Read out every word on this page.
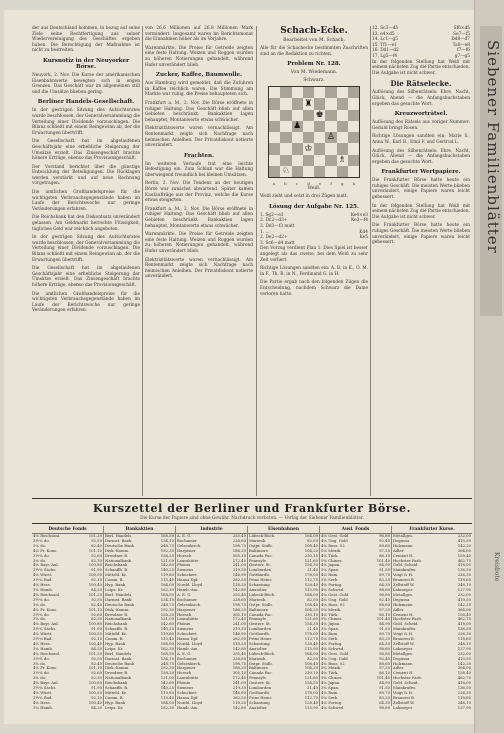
der aus Deutschland kommen, in bezug auf seine Ziele seine Rechtfertigung aus seiner Wiedervereinigung des Geschäftes ergeben haben. Die Berechtigung der Maßnahme ist nicht zu bestreiten.

Kursnotiz in der Neuyorker Börse.

Neuyork, 2. Nov. Die Kurse der amerikanischen Eisenbahnwerte bewegten sich in engen Grenzen. Das Geschäft war im allgemeinen still und die Umsätze blieben gering.

Berliner Handels-Gesellschaft.

In der gestrigen Sitzung des Aufsichtsrates wurde beschlossen, der Generalversammlung die Verteilung einer Dividende vorzuschlagen. Die Bilanz schließt mit einem Reingewinn ab, der die Erwartungen übertrifft.

Die Gesellschaft hat im abgelaufenen Geschäftsjahr eine erhebliche Steigerung der Umsätze erzielt. Das Zinsengeschäft brachte höhere Erträge, ebenso das Provisionsgeschäft.

Der Vorstand berichtet über die günstige Entwicklung der Beteiligungen. Die Rücklagen werden verstärkt und auf neue Rechnung vorgetragen.

Die amtlichen Großhandelspreise für die wichtigsten Verbrauchsgegenstände haben im Laufe der Berichtswoche nur geringe Veränderungen erfahren.

Die Reichsbank hat den Diskontsatz unverändert gelassen. Am Geldmarkt herrschte Flüssigkeit, tägliches Geld war reichlich angeboten.

In der gestrigen Sitzung des Aufsichtsrates wurde beschlossen, der Generalversammlung die Verteilung einer Dividende vorzuschlagen. Die Bilanz schließt mit einem Reingewinn ab, der die Erwartungen übertrifft.

Die Gesellschaft hat im abgelaufenen Geschäftsjahr eine erhebliche Steigerung der Umsätze erzielt. Das Zinsengeschäft brachte höhere Erträge, ebenso das Provisionsgeschäft.

Die amtlichen Großhandelspreise für die wichtigsten Verbrauchsgegenstände haben im Laufe der Berichtswoche nur geringe Veränderungen erfahren.

von 26,6 Millionen auf 26,8 Millionen Mark vermindert. Insgesamt waren im Berichtsmonat die Einnahmen höher als im Vorjahre.

Warenmärkte. Die Preise für Getreide zeigten eine feste Haltung. Weizen und Roggen wurden zu höheren Notierungen gehandelt, während Hafer unverändert blieb.

Zucker, Kaffee, Baumwolle.

Aus Hamburg wird gemeldet, daß die Zufuhren in Kaffee reichlich waren. Die Stimmung am Markte war ruhig, die Preise behaupteten sich.

Frankfurt a. M., 2. Nov. Die Börse eröffnete in ruhiger Haltung. Das Geschäft blieb auf allen Gebieten beschränkt. Bankaktien lagen behauptet, Montanwerte etwas schwächer.

Elektrizitätswerte waren vernachlässigt. Am Rentenmarkt zeigte sich Nachfrage nach heimischen Anleihen. Der Privatdiskont notierte unverändert.

Frachten.

Im weiteren Verlaufe trat eine leichte Befestigung ein. Zum Schluß war die Haltung überwiegend freundlich bei kleinen Umsätzen.

Berlin, 2. Nov. Die Tendenz an der heutigen Börse war zunächst abwartend. Später kamen Kaufaufträge aus der Provinz, welche die Kurse etwas steigerten.

Frankfurt a. M., 2. Nov. Die Börse eröffnete in ruhiger Haltung. Das Geschäft blieb auf allen Gebieten beschränkt. Bankaktien lagen behauptet, Montanwerte etwas schwächer.

Warenmärkte. Die Preise für Getreide zeigten eine feste Haltung. Weizen und Roggen wurden zu höheren Notierungen gehandelt, während Hafer unverändert blieb.

Elektrizitätswerte waren vernachlässigt. Am Rentenmarkt zeigte sich Nachfrage nach heimischen Anleihen. Der Privatdiskont notierte unverändert.

Schach-Ecke.
Bearbeitet von M. Schach.

Alle für die Schachecke bestimmten Zuschriften sind an die Redaktion zu richten.

Problem Nr. 128.
Von M. Wiedemann.
Schwarz.
♜
♚
♟
♙
♔
♗
♘
a b c d e f g h
Weiß.

Weiß zieht und setzt in drei Zügen matt.

Lösung der Aufgabe Nr. 125.
1. Sg2—e3	Ke4×e3
2. Dc2—d3+	Ke3—f4
3. Dd3—f3 matt
1. ...	Kd4
2. De2—d2+	Ke5
3. Sc6—d4 matt

Den Vorzug verdient Plan 1. Dies Spiel ist besser angelegt als das zweite, bei dem Weiß zu sehr Zeit verliert.

Richtige Lösungen sandten ein: A. B. in K., O. M. in F., Th. R. in N., Ferdinand G. in H.

Die Partie ergab nach den folgenden Zügen die Entscheidung, nachdem Schwarz die Dame verloren hatte.

12. Sc3—d5	Sf6×d5
13. e4×d5	Se7—f5
14. Lc1—g5	Dd8—d7
15. Tf1—e1	Ta8—e8
16. Dd1—d2	f7—f6
17. Lg5—f4	g7—g5

In der folgenden Stellung hat Weiß mit seinem nächsten Zug die Partie entschieden. Die Aufgabe ist nicht schwer.

Die Rätselecke.

Auflösung des Silbenrätsels: Ehre, Nacht, Glück, Abend — die Anfangsbuchstaben ergeben das gesuchte Wort.

Kreuzworträtsel.

Auflösung des Rätsels aus voriger Nummer: Geduld bringt Rosen.

Richtige Lösungen sandten ein: Marie S., Anna W., Karl B., Emil F. und Gertrud L.

Auflösung des Silbenrätsels: Ehre, Nacht, Glück, Abend — die Anfangsbuchstaben ergeben das gesuchte Wort.

Frankfurter Wertpapiere.

Die Frankfurter Börse hatte heute ein ruhiges Geschäft. Die meisten Werte blieben unverändert, einige Papiere waren leicht gebessert.

In der folgenden Stellung hat Weiß mit seinem nächsten Zug die Partie entschieden. Die Aufgabe ist nicht schwer.

Die Frankfurter Börse hatte heute ein ruhiges Geschäft. Die meisten Werte blieben unverändert, einige Papiere waren leicht gebessert.

Kurszettel der Berliner und Frankfurter Börse.
Die Kurse der Papiere sind ohne Gewähr. Nachdruck verboten. — Verlag der Siebener Familienblätter.
Deutsche Fonds
4% Reichsanl.	101,20
3½% do.	92,50
3% do.	82,40
4% Pr. Kons.	101,10
3½% do.	92,60
3% do.	82,30
4% Bayr. Anl.	100,80
3½% Sächs.	91,90
4% Württ.	100,50
3½% Bad.	92,10
4% Hess.	100,40
3% Hamb.	84,20
4% Reichsanl.	101,20
3½% do.	92,50
3% do.	82,40
4% Pr. Kons.	101,10
3½% do.	92,60
3% do.	82,30
4% Bayr. Anl.	100,80
3½% Sächs.	91,90
4% Württ.	100,50
3½% Bad.	92,10
4% Hess.	100,40
3% Hamb.	84,20
4% Reichsanl.	101,20
3½% do.	92,50
3% do.	82,40
4% Pr. Kons.	101,10
3½% do.	92,60
3% do.	82,30
4% Bayr. Anl.	100,80
3½% Sächs.	91,90
4% Württ.	100,50
3½% Bad.	92,10
4% Hess.	100,40
3% Hamb.	84,20
Bankaktien
Berl. Handels	168,50
Darmst. Bank	134,10
Deutsche Bank	248,75
Disk.-Komm.	192,30
Dresdner B.	158,20
Nationalbank	121,00
Reichsbank	142,60
Schaaffh. B.	140,25
Mitteld. Kr.	119,80
Comm. B.	115,40
Hyp. Bank	184,00
Leipz. Kr.	162,30
Berl. Handels	168,50
Darmst. Bank	134,10
Deutsche Bank	248,75
Disk.-Komm.	192,30
Dresdner B.	158,20
Nationalbank	121,00
Reichsbank	142,60
Schaaffh. B.	140,25
Mitteld. Kr.	119,80
Comm. B.	115,40
Hyp. Bank	184,00
Leipz. Kr.	162,30
Berl. Handels	168,50
Darmst. Bank	134,10
Deutsche Bank	248,75
Disk.-Komm.	192,30
Dresdner B.	158,20
Nationalbank	121,00
Reichsbank	142,60
Schaaffh. B.	140,25
Mitteld. Kr.	119,80
Comm. B.	115,40
Hyp. Bank	184,00
Leipz. Kr.	162,30
Industrie
A. E. G.	255,40
Bochumer	228,60
Gelsenkirch.	198,75
Harpener	186,20
Hoesch	305,10
Laurahütte	172,40
Phönix	241,00
Siemens	219,30
Schuckert	146,90
Hansa Dpf.	282,50
Nordd. Lloyd	118,20
Hamb.-Am.	142,80
A. E. G.	255,40
Bochumer	228,60
Gelsenkirch.	198,75
Harpener	186,20
Hoesch	305,10
Laurahütte	172,40
Phönix	241,00
Siemens	219,30
Schuckert	146,90
Hansa Dpf.	282,50
Nordd. Lloyd	118,20
Hamb.-Am.	142,80
A. E. G.	255,40
Bochumer	228,60
Gelsenkirch.	198,75
Harpener	186,20
Hoesch	305,10
Laurahütte	172,40
Phönix	241,00
Siemens	219,30
Schuckert	146,90
Hansa Dpf.	282,50
Nordd. Lloyd	118,20
Hamb.-Am.	142,80
Eisenbahnen
Lübeck-Büch.	164,00
Marienb.	82,50
Ostpr. Südb.	108,40
Baltimore	104,20
Canada Pac.	230,10
Pennsylv.	121,60
Oesterr. St.	154,30
Lombarden	21,40
Gotthardb.	178,00
Prinz Heinr.	112,70
Schantung	128,40
Anatolier	115,90
Lübeck-Büch.	164,00
Marienb.	82,50
Ostpr. Südb.	108,40
Baltimore	104,20
Canada Pac.	230,10
Pennsylv.	121,60
Oesterr. St.	154,30
Lombarden	21,40
Gotthardb.	178,00
Prinz Heinr.	112,70
Schantung	128,40
Anatolier	115,90
Lübeck-Büch.	164,00
Marienb.	82,50
Ostpr. Südb.	108,40
Baltimore	104,20
Canada Pac.	230,10
Pennsylv.	121,60
Oesterr. St.	154,30
Lombarden	21,40
Gotthardb.	178,00
Prinz Heinr.	112,70
Schantung	128,40
Anatolier	115,90
Ausl. Fonds
4% Oest. Gold	96,80
4% Ung. Gold	92,40
4% Russ. 02	88,60
5% Mexik.	97,20
4% Türk.	86,10
5% Chines.	101,40
4% Japan.	84,90
3% Span.	91,50
4% Rum.	89,70
5% Serb.	83,20
4% Portug.	64,30
4% Schwed.	98,60
4% Oest. Gold	96,80
4% Ung. Gold	92,40
4% Russ. 02	88,60
5% Mexik.	97,20
4% Türk.	86,10
5% Chines.	101,40
4% Japan.	84,90
3% Span.	91,50
4% Rum.	89,70
5% Serb.	83,20
4% Portug.	64,30
4% Schwed.	98,60
4% Oest. Gold	96,80
4% Ung. Gold	92,40
4% Russ. 02	88,60
5% Mexik.	97,20
4% Türk.	86,10
5% Chines.	101,40
4% Japan.	84,90
3% Span.	91,50
4% Rum.	89,70
5% Serb.	83,20
4% Portug.	64,30
4% Schwed.	98,60
Frankfurter Kurse.
Metallges.	232,00
Degussa	410,50
Holzmann	142,20
Adler	364,00
Cement H.	158,40
Hochster Farb.	462,75
Gold. Scheid.	418,00
Mainkraftw.	136,50
Voigt & H.	226,30
Brauerei B.	118,60
Zellstoff W.	248,10
Lahmeyer	127,90
Metallges.	232,00
Degussa	410,50
Holzmann	142,20
Adler	364,00
Cement H.	158,40
Hochster Farb.	462,75
Gold. Scheid.	418,00
Mainkraftw.	136,50
Voigt & H.	226,30
Brauerei B.	118,60
Zellstoff W.	248,10
Lahmeyer	127,90
Metallges.	232,00
Degussa	410,50
Holzmann	142,20
Adler	364,00
Cement H.	158,40
Hochster Farb.	462,75
Gold. Scheid.	418,00
Mainkraftw.	136,50
Voigt & H.	226,30
Brauerei B.	118,60
Zellstoff W.	248,10
Lahmeyer	127,90
Siebener Familienblätter
Kreisbote
